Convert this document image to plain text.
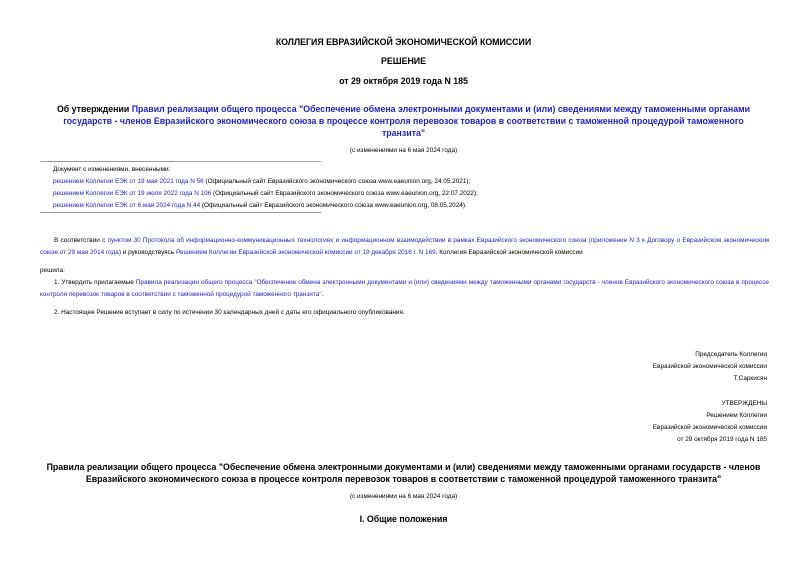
КОЛЛЕГИЯ ЕВРАЗИЙСКОЙ ЭКОНОМИЧЕСКОЙ КОМИССИИ
РЕШЕНИЕ
от 29 октября 2019 года N 185
Об утверждении Правил реализации общего процесса "Обеспечение обмена электронными документами и (или) сведениями между таможенными органами государств - членов Евразийского экономического союза в процессе контроля перевозок товаров в соответствии с таможенной процедурой таможенного транзита"
(с изменениями на 6 мая 2024 года)
Документ с изменениями, внесенными:
решением Коллегии ЕЭК от 19 мая 2021 года N 56 (Официальный сайт Евразийского экономического союза www.eaeunion.org, 24.05.2021);
решением Коллегии ЕЭК от 19 июля 2022 года N 106 (Официальный сайт Евразийского экономического союза www.eaeunion.org, 22.07.2022);
решением Коллегии ЕЭК от 6 мая 2024 года N 44 (Официальный сайт Евразийского экономического союза www.eaeunion.org, 08.05.2024).
В соответствии с пунктом 30 Протокола об информационно-коммуникационных технологиях и информационном взаимодействии в рамках Евразийского экономического союза (приложение N 3 к Договору о Евразийском экономическом союзе от 29 мая 2014 года) и руководствуясь Решением Коллегии Евразийской экономической комиссии от 19 декабря 2016 г. N 169, Коллегия Евразийской экономической комиссии
решила:
1. Утвердить прилагаемые Правила реализации общего процесса "Обеспечение обмена электронными документами и (или) сведениями между таможенными органами государств - членов Евразийского экономического союза в процессе контроля перевозок товаров в соответствии с таможенной процедурой таможенного транзита".
2. Настоящее Решение вступает в силу по истечении 30 календарных дней с даты его официального опубликования.
Председатель Коллегии
Евразийской экономической комиссии
Т.Саркисян
УТВЕРЖДЕНЫ
Решением Коллегии
Евразийской экономической комиссии
от 29 октября 2019 года N 185
Правила реализации общего процесса "Обеспечение обмена электронными документами и (или) сведениями между таможенными органами государств - членов Евразийского экономического союза в процессе контроля перевозок товаров в соответствии с таможенной процедурой таможенного транзита"
(с изменениями на 6 мая 2024 года)
I. Общие положения
